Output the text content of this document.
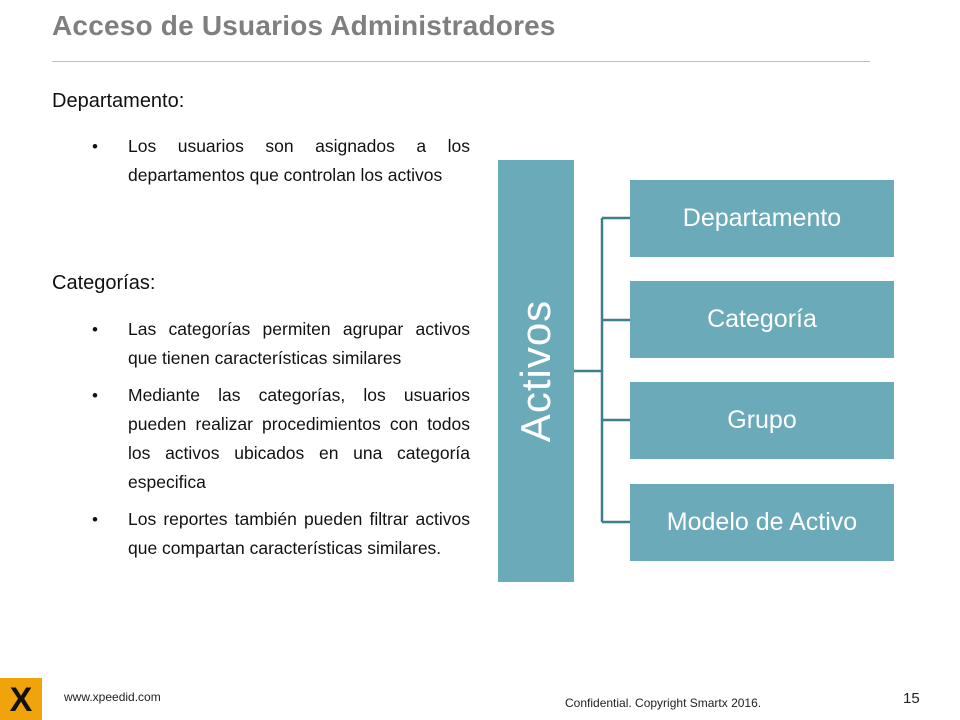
Acceso de Usuarios Administradores
Departamento:
• Los usuarios son asignados a los departamentos que controlan los activos
Categorías:
• Las categorías permiten agrupar activos que tienen características similares
• Mediante las categorías, los usuarios pueden realizar procedimientos con todos los activos ubicados en una categoría especifica
• Los reportes también pueden filtrar activos que compartan características similares.
Activos
Departamento
Categoría
Grupo
Modelo de Activo
X	www.xpeedid.com	Confidential. Copyright Smartx 2016.	15
